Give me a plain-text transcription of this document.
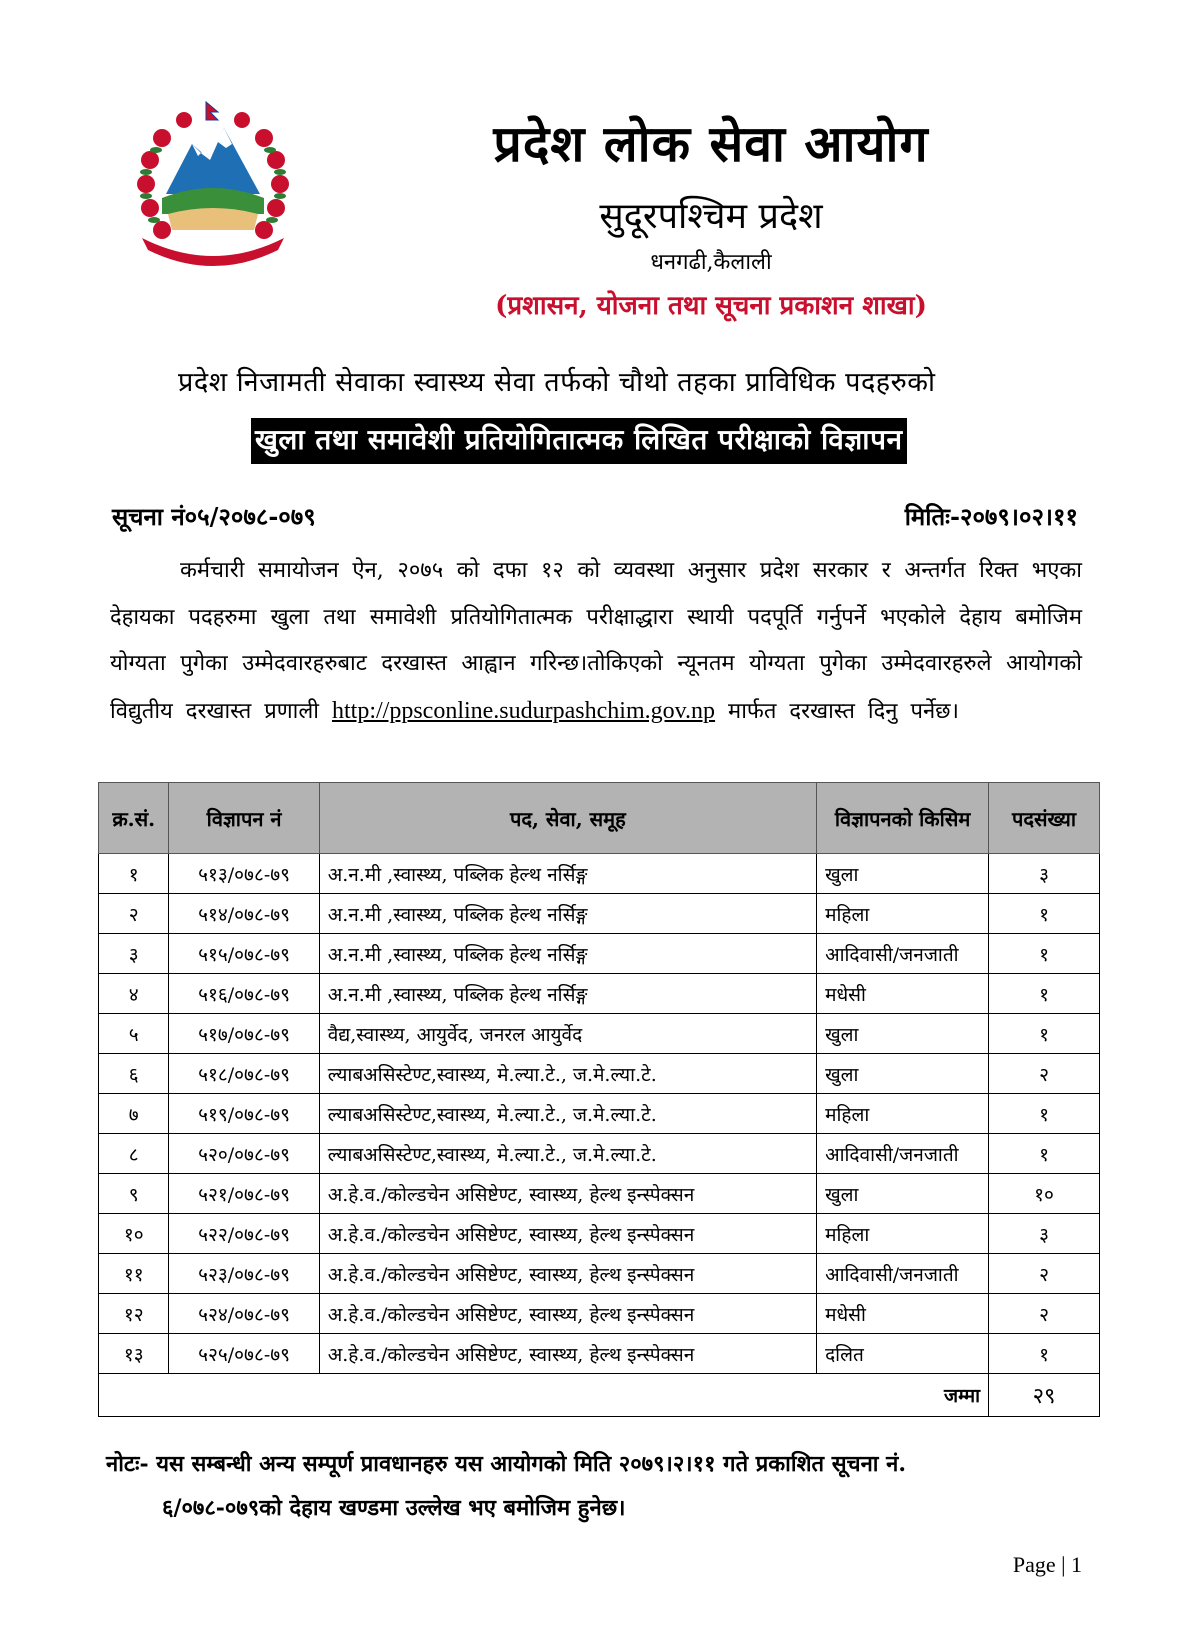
प्रदेश लोक सेवा आयोग
सुदूरपश्चिम प्रदेश
धनगढी,कैलाली
(प्रशासन, योजना तथा सूचना प्रकाशन शाखा)
प्रदेश निजामती सेवाका स्वास्थ्य सेवा तर्फको चौथो तहका प्राविधिक पदहरुको
खुला तथा समावेशी प्रतियोगितात्मक लिखित परीक्षाको विज्ञापन
सूचना नं०५/२०७८-०७९	मितिः-२०७९।०२।११
कर्मचारी समायोजन ऐन, २०७५ को दफा १२ को व्यवस्था अनुसार प्रदेश सरकार र अन्तर्गत रिक्त भएका देहायका पदहरुमा खुला तथा समावेशी प्रतियोगितात्मक परीक्षाद्धारा स्थायी पदपूर्ति गर्नुपर्ने भएकोले देहाय बमोजिम योग्यता पुगेका उम्मेदवारहरुबाट दरखास्त आह्वान गरिन्छ।तोकिएको न्यूनतम योग्यता पुगेका उम्मेदवारहरुले आयोगको विद्युतीय दरखास्त प्रणाली http://ppsconline.sudurpashchim.gov.np मार्फत दरखास्त दिनु पर्नेछ।
क्र.सं.	विज्ञापन नं	पद, सेवा, समूह	विज्ञापनको किसिम	पदसंख्या
१	५१३/०७८-७९	अ.न.मी ,स्वास्थ्य, पब्लिक हेल्थ नर्सिङ्ग	खुला	३
२	५१४/०७८-७९	अ.न.मी ,स्वास्थ्य, पब्लिक हेल्थ नर्सिङ्ग	महिला	१
३	५१५/०७८-७९	अ.न.मी ,स्वास्थ्य, पब्लिक हेल्थ नर्सिङ्ग	आदिवासी/जनजाती	१
४	५१६/०७८-७९	अ.न.मी ,स्वास्थ्य, पब्लिक हेल्थ नर्सिङ्ग	मधेसी	१
५	५१७/०७८-७९	वैद्य,स्वास्थ्य, आयुर्वेद, जनरल आयुर्वेद	खुला	१
६	५१८/०७८-७९	ल्याबअसिस्टेण्ट,स्वास्थ्य, मे.ल्या.टे., ज.मे.ल्या.टे.	खुला	२
७	५१९/०७८-७९	ल्याबअसिस्टेण्ट,स्वास्थ्य, मे.ल्या.टे., ज.मे.ल्या.टे.	महिला	१
८	५२०/०७८-७९	ल्याबअसिस्टेण्ट,स्वास्थ्य, मे.ल्या.टे., ज.मे.ल्या.टे.	आदिवासी/जनजाती	१
९	५२१/०७८-७९	अ.हे.व./कोल्डचेन असिष्टेण्ट, स्वास्थ्य, हेल्थ इन्स्पेक्सन	खुला	१०
१०	५२२/०७८-७९	अ.हे.व./कोल्डचेन असिष्टेण्ट, स्वास्थ्य, हेल्थ इन्स्पेक्सन	महिला	३
११	५२३/०७८-७९	अ.हे.व./कोल्डचेन असिष्टेण्ट, स्वास्थ्य, हेल्थ इन्स्पेक्सन	आदिवासी/जनजाती	२
१२	५२४/०७८-७९	अ.हे.व./कोल्डचेन असिष्टेण्ट, स्वास्थ्य, हेल्थ इन्स्पेक्सन	मधेसी	२
१३	५२५/०७८-७९	अ.हे.व./कोल्डचेन असिष्टेण्ट, स्वास्थ्य, हेल्थ इन्स्पेक्सन	दलित	१
जम्मा				२९
नोटः- यस सम्बन्धी अन्य सम्पूर्ण प्रावधानहरु यस आयोगको मिति २०७९।२।११ गते प्रकाशित सूचना नं.
६/०७८-०७९को देहाय खण्डमा उल्लेख भए बमोजिम हुनेछ।
Page | 1
